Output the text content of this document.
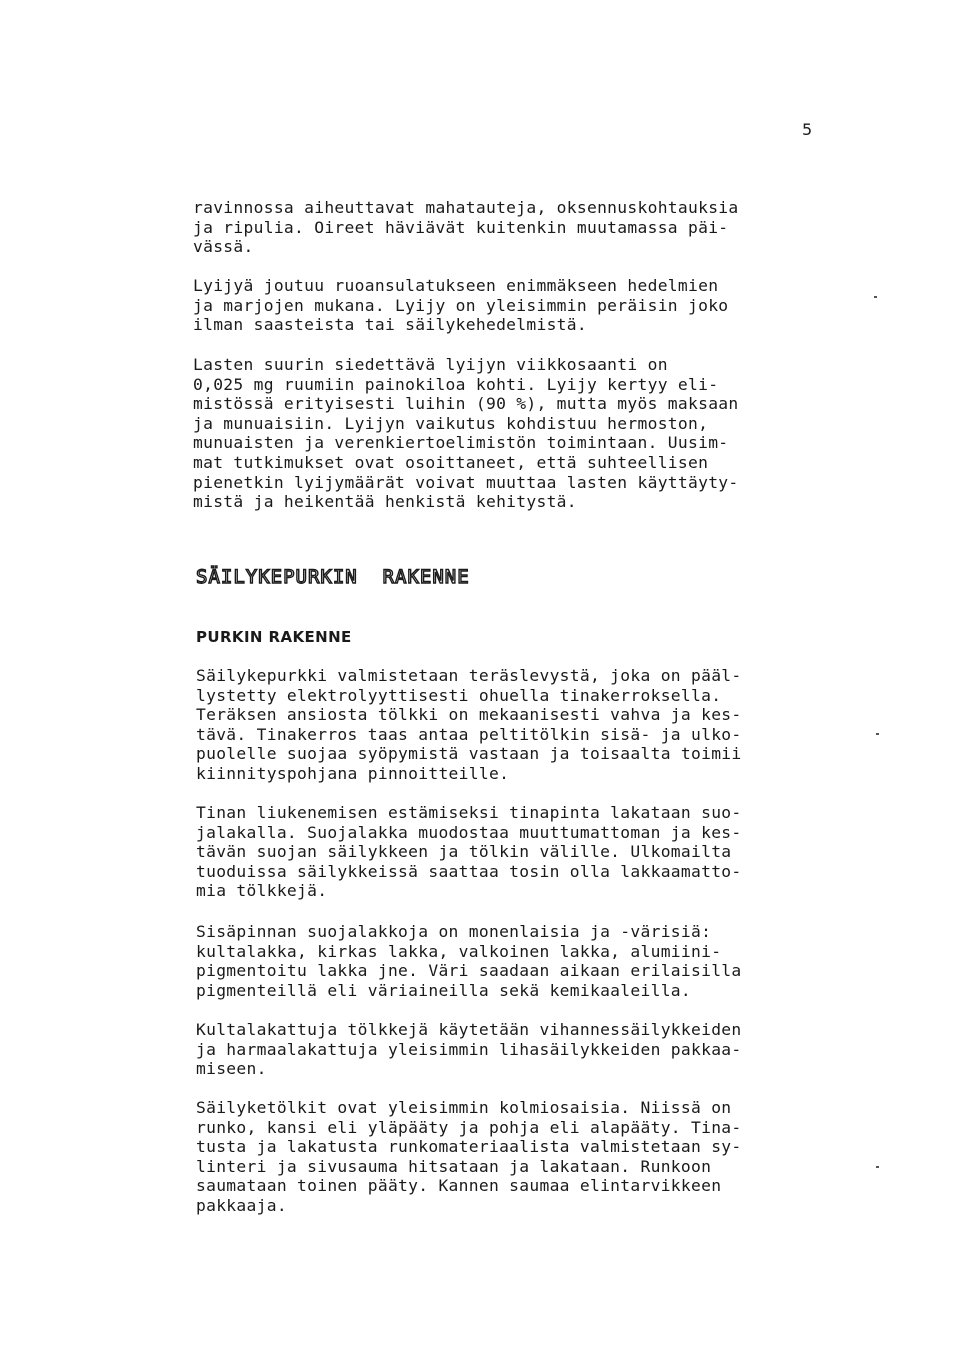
5
ravinnossa aiheuttavat mahatauteja, oksennuskohtauksia
ja ripulia. Oireet häviävät kuitenkin muutamassa päi-
vässä.
Lyijyä joutuu ruoansulatukseen enimmäkseen hedelmien
ja marjojen mukana. Lyijy on yleisimmin peräisin joko
ilman saasteista tai säilykehedelmistä.
Lasten suurin siedettävä lyijyn viikkosaanti on
0,025 mg ruumiin painokiloa kohti. Lyijy kertyy eli-
mistössä erityisesti luihin (90 %), mutta myös maksaan
ja munuaisiin. Lyijyn vaikutus kohdistuu hermoston,
munuaisten ja verenkiertoelimistön toimintaan. Uusim-
mat tutkimukset ovat osoittaneet, että suhteellisen
pienetkin lyijymäärät voivat muuttaa lasten käyttäyty-
mistä ja heikentää henkistä kehitystä.
SÄILYKEPURKIN  RAKENNE
PURKIN RAKENNE
Säilykepurkki valmistetaan teräslevystä, joka on pääl-
lystetty elektrolyyttisesti ohuella tinakerroksella.
Teräksen ansiosta tölkki on mekaanisesti vahva ja kes-
tävä. Tinakerros taas antaa peltitölkin sisä- ja ulko-
puolelle suojaa syöpymistä vastaan ja toisaalta toimii
kiinnityspohjana pinnoitteille.
Tinan liukenemisen estämiseksi tinapinta lakataan suo-
jalakalla. Suojalakka muodostaa muuttumattoman ja kes-
tävän suojan säilykkeen ja tölkin välille. Ulkomailta
tuoduissa säilykkeissä saattaa tosin olla lakkaamatto-
mia tölkkejä.
Sisäpinnan suojalakkoja on monenlaisia ja -värisiä:
kultalakka, kirkas lakka, valkoinen lakka, alumiini-
pigmentoitu lakka jne. Väri saadaan aikaan erilaisilla
pigmenteillä eli väriaineilla sekä kemikaaleilla.
Kultalakattuja tölkkejä käytetään vihannessäilykkeiden
ja harmaalakattuja yleisimmin lihasäilykkeiden pakkaa-
miseen.
Säilyketölkit ovat yleisimmin kolmiosaisia. Niissä on
runko, kansi eli yläpääty ja pohja eli alapääty. Tina-
tusta ja lakatusta runkomateriaalista valmistetaan sy-
linteri ja sivusauma hitsataan ja lakataan. Runkoon
saumataan toinen pääty. Kannen saumaa elintarvikkeen
pakkaaja.
